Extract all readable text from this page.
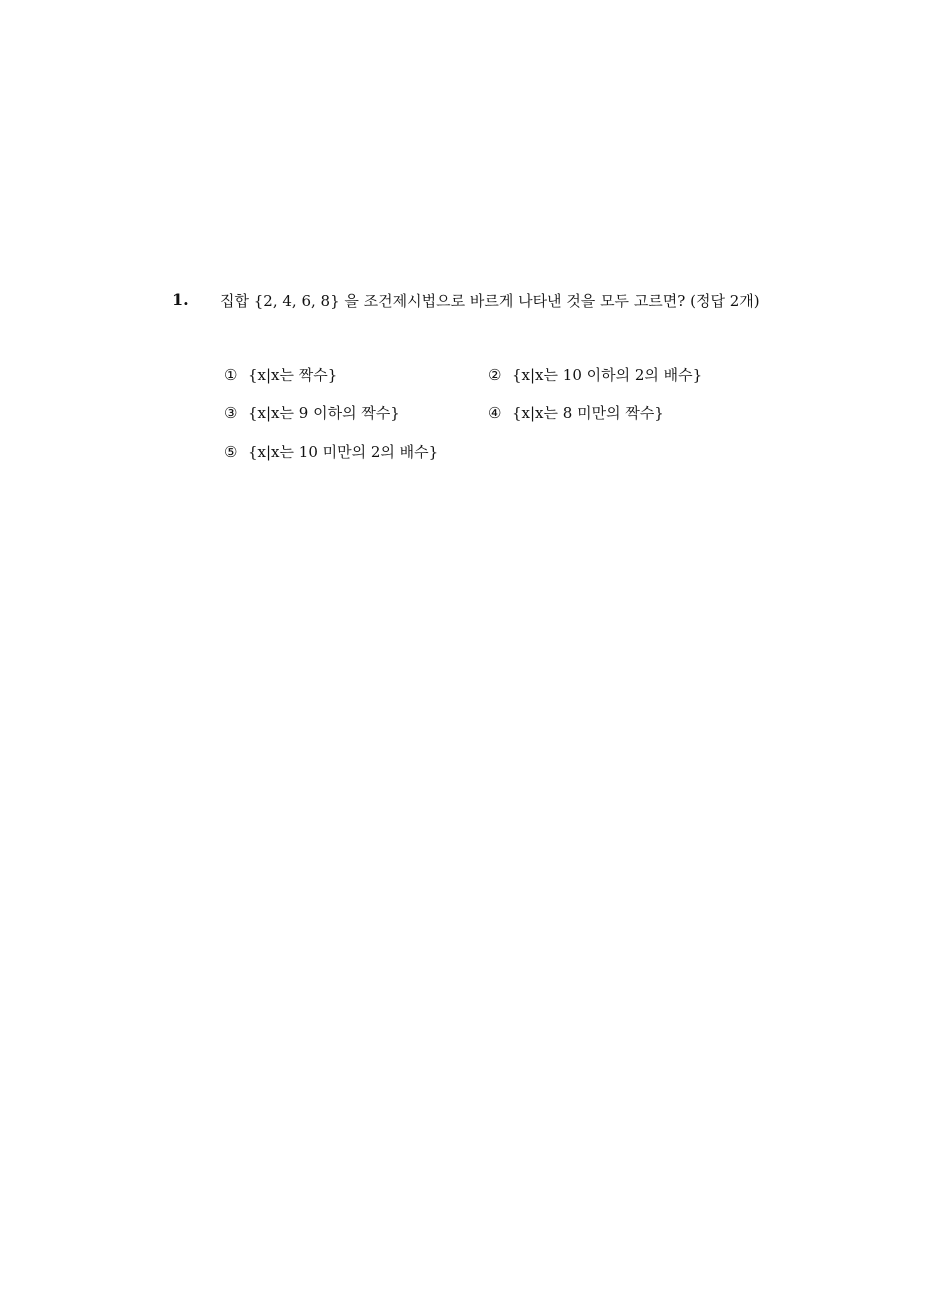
1. 집합 {2, 4, 6, 8} 을 조건제시법으로 바르게 나타낸 것을 모두 고르면? (정답 2개)
① {x|x는 짝수}	② {x|x는 10 이하의 2의 배수}
③ {x|x는 9 이하의 짝수}	④ {x|x는 8 미만의 짝수}
⑤ {x|x는 10 미만의 2의 배수}
